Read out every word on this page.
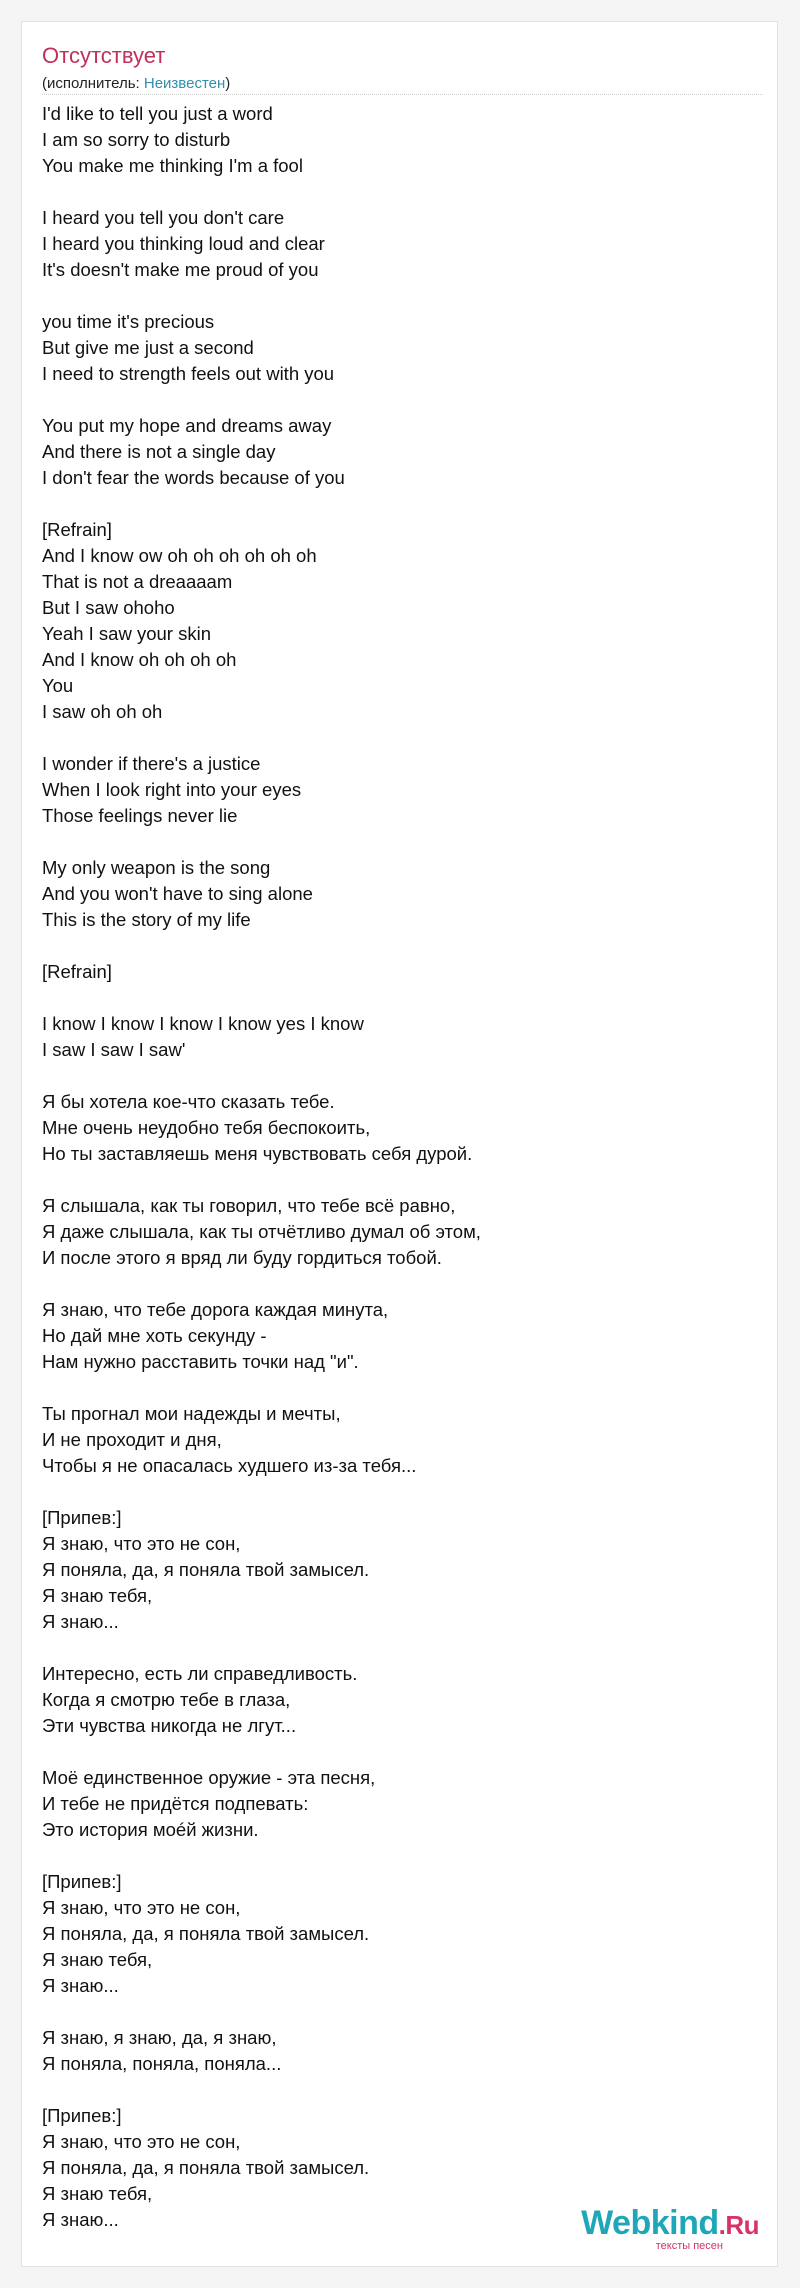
Отсутствует
(исполнитель: Неизвестен)
I'd like to tell you just a word
I am so sorry to disturb
You make me thinking I'm a fool
I heard you tell you don't care
I heard you thinking loud and clear
It's doesn't make me proud of you
you time it's precious
But give me just a second
I need to strength feels out with you
You put my hope and dreams away
And there is not a single day
I don't fear the words because of you
[Refrain]
And I know ow oh oh oh oh oh oh
That is not a dreaaaam
But I saw ohoho
Yeah I saw your skin
And I know oh oh oh oh
You
I saw oh oh oh
I wonder if there's a justice
When I look right into your eyes
Those feelings never lie
My only weapon is the song
And you won't have to sing alone
This is the story of my life
[Refrain]
I know I know I know I know yes I know
I saw I saw I saw'
Я бы хотела кое-что сказать тебе.
Мне очень неудобно тебя беспокоить,
Но ты заставляешь меня чувствовать себя дурой.
Я слышала, как ты говорил, что тебе всё равно,
Я даже слышала, как ты отчётливо думал об этом,
И после этого я вряд ли буду гордиться тобой.
Я знаю, что тебе дорога каждая минута,
Но дай мне хоть секунду -
Нам нужно расставить точки над "и".
Ты прогнал мои надежды и мечты,
И не проходит и дня,
Чтобы я не опасалась худшего из-за тебя...
[Припев:]
Я знаю, что это не сон,
Я поняла, да, я поняла твой замысел.
Я знаю тебя,
Я знаю...
Интересно, есть ли справедливость.
Когда я смотрю тебе в глаза,
Эти чувства никогда не лгут...
Моё единственное оружие - эта песня,
И тебе не придётся подпевать:
Это история моéй жизни.
[Припев:]
Я знаю, что это не сон,
Я поняла, да, я поняла твой замысел.
Я знаю тебя,
Я знаю...
Я знаю, я знаю, да, я знаю,
Я поняла, поняла, поняла...
[Припев:]
Я знаю, что это не сон,
Я поняла, да, я поняла твой замысел.
Я знаю тебя,
Я знаю...	Webkind.Ru
тексты песен
